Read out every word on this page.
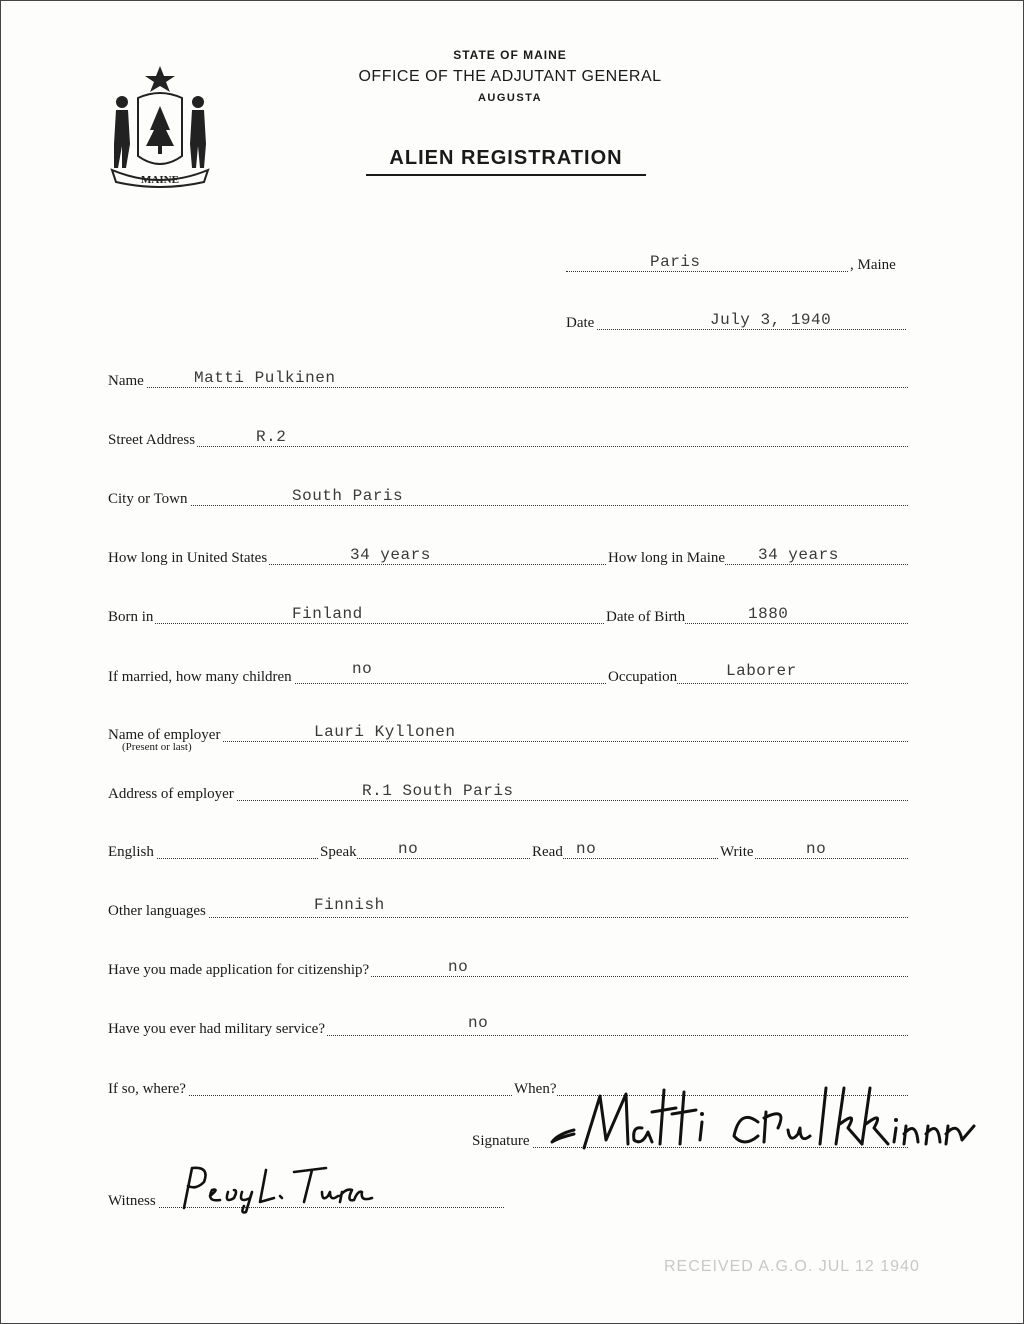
MAINE
STATE OF MAINE
OFFICE OF THE ADJUTANT GENERAL
AUGUSTA
ALIEN REGISTRATION
Paris	, Maine
Date	July 3, 1940
Name	Matti Pulkinen
Street Address	R.2
City or Town	South Paris
How long in United States	34 years	How long in Maine 34 years
Born in	Finland	Date of Birth	1880
If married, how many children	no	Occupation	Laborer
Name of employer	Lauri Kyllonen
(Present or last)
Address of employer	R.1 South Paris
English	Speak	no	Read no	Write	no
Other languages	Finnish
Have you made application for citizenship?	no
Have you ever had military service?	no
If so, where?	When?
Signature
Witness
RECEIVED A.G.O. JUL 12 1940
